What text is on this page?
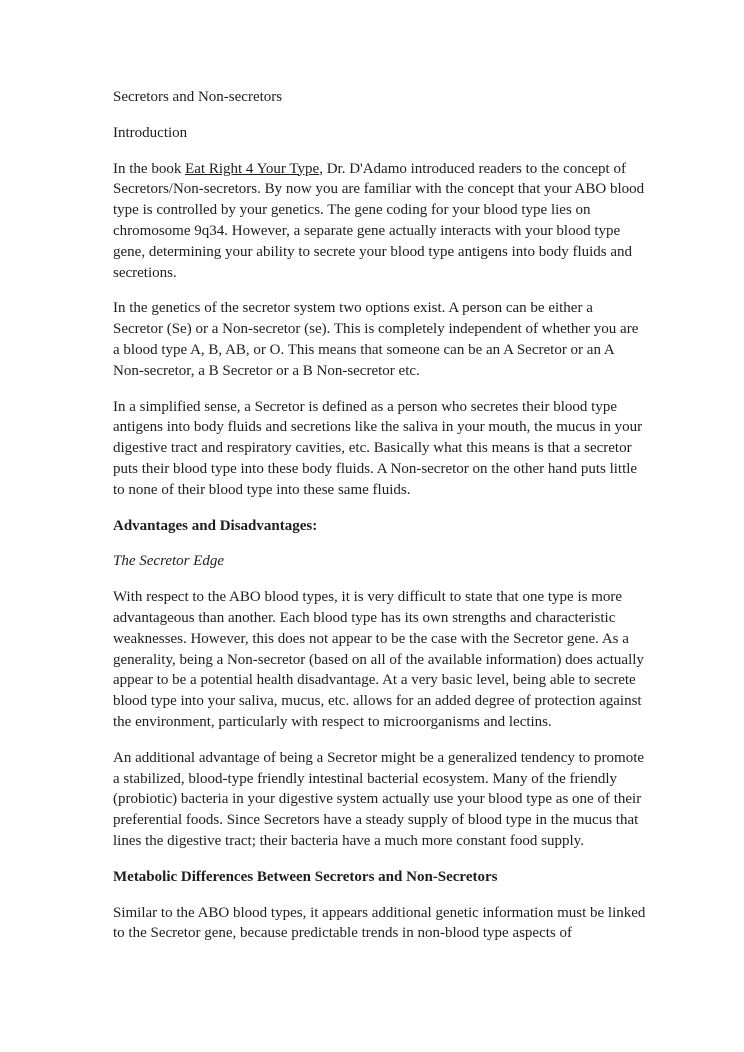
Secretors and Non-secretors

Introduction

In the book Eat Right 4 Your Type, Dr. D'Adamo introduced readers to the concept of Secretors/Non-secretors. By now you are familiar with the concept that your ABO blood type is controlled by your genetics. The gene coding for your blood type lies on chromosome 9q34. However, a separate gene actually interacts with your blood type gene, determining your ability to secrete your blood type antigens into body fluids and secretions.

In the genetics of the secretor system two options exist. A person can be either a Secretor (Se) or a Non-secretor (se). This is completely independent of whether you are a blood type A, B, AB, or O. This means that someone can be an A Secretor or an A Non-secretor, a B Secretor or a B Non-secretor etc.

In a simplified sense, a Secretor is defined as a person who secretes their blood type antigens into body fluids and secretions like the saliva in your mouth, the mucus in your digestive tract and respiratory cavities, etc. Basically what this means is that a secretor puts their blood type into these body fluids. A Non-secretor on the other hand puts little to none of their blood type into these same fluids.

Advantages and Disadvantages:

The Secretor Edge

With respect to the ABO blood types, it is very difficult to state that one type is more advantageous than another. Each blood type has its own strengths and characteristic weaknesses. However, this does not appear to be the case with the Secretor gene. As a generality, being a Non-secretor (based on all of the available information) does actually appear to be a potential health disadvantage. At a very basic level, being able to secrete blood type into your saliva, mucus, etc. allows for an added degree of protection against the environment, particularly with respect to microorganisms and lectins.

An additional advantage of being a Secretor might be a generalized tendency to promote a stabilized, blood-type friendly intestinal bacterial ecosystem. Many of the friendly (probiotic) bacteria in your digestive system actually use your blood type as one of their preferential foods. Since Secretors have a steady supply of blood type in the mucus that lines the digestive tract; their bacteria have a much more constant food supply.

Metabolic Differences Between Secretors and Non-Secretors

Similar to the ABO blood types, it appears additional genetic information must be linked to the Secretor gene, because predictable trends in non-blood type aspects of
